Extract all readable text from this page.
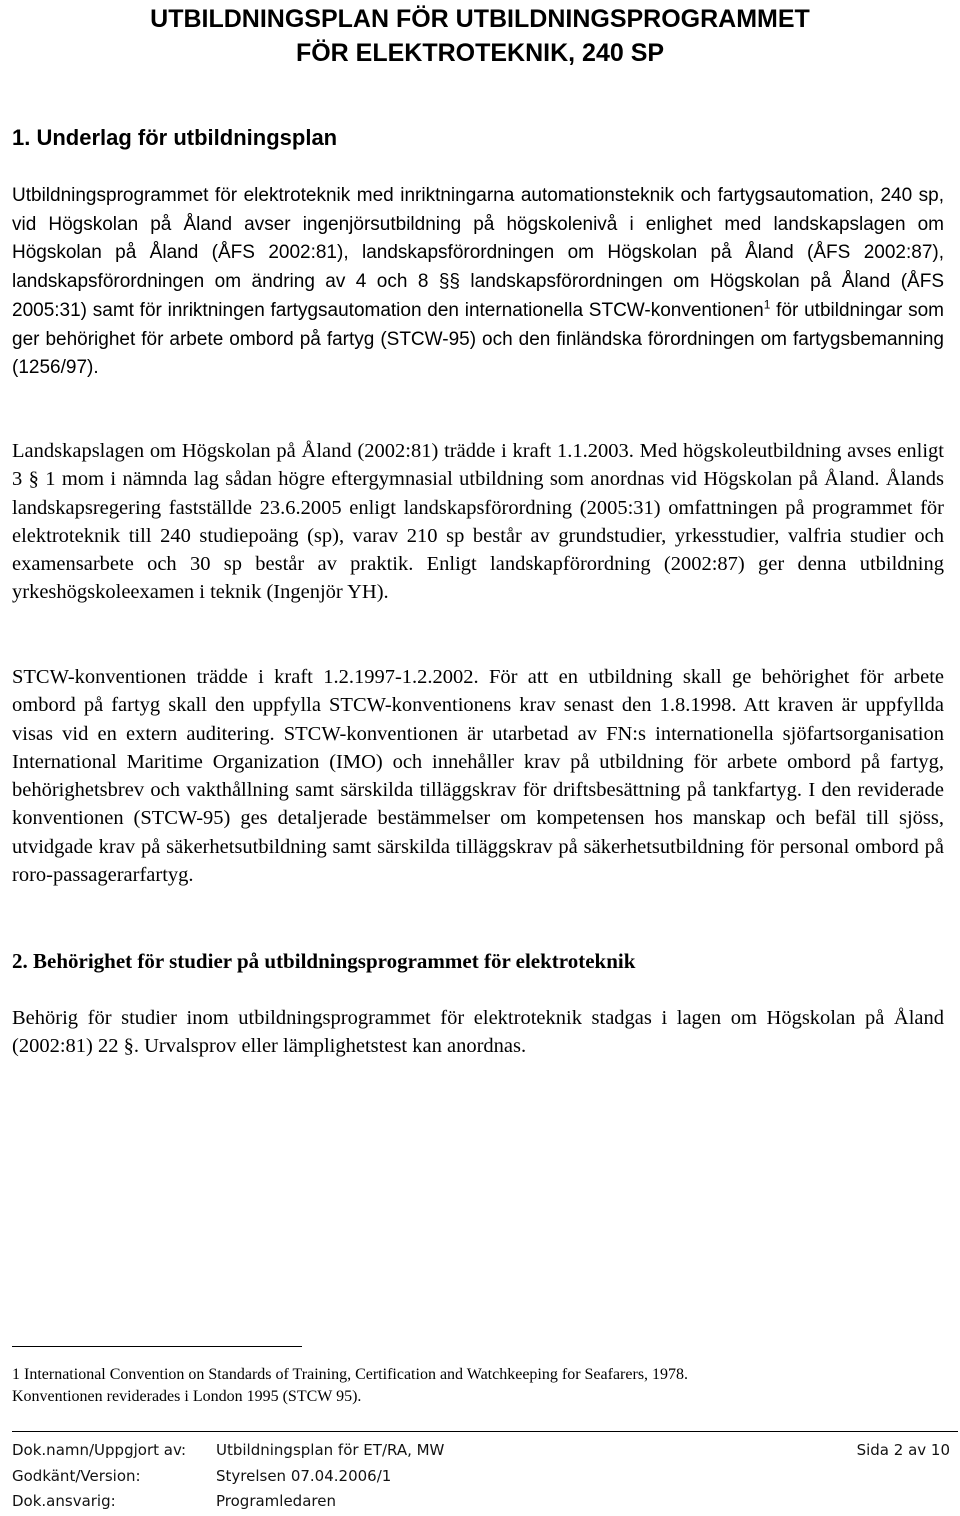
UTBILDNINGSPLAN FÖR UTBILDNINGSPROGRAMMET
FÖR ELEKTROTEKNIK, 240 SP
1. Underlag för utbildningsplan

Utbildningsprogrammet för elektroteknik med inriktningarna automationsteknik och fartygsautomation, 240 sp, vid Högskolan på Åland avser ingenjörsutbildning på högskolenivå i enlighet med landskapslagen om Högskolan på Åland (ÅFS 2002:81), landskapsförordningen om Högskolan på Åland (ÅFS 2002:87), landskapsförordningen om ändring av 4 och 8 §§ landskapsförordningen om Högskolan på Åland (ÅFS 2005:31) samt för inriktningen fartygsautomation den internationella STCW-konventionen$^1$ för utbildningar som ger behörighet för arbete ombord på fartyg (STCW-95) och den finländska förordningen om fartygsbemanning (1256/97).

Landskapslagen om Högskolan på Åland (2002:81) trädde i kraft 1.1.2003. Med högskoleutbildning avses enligt 3 § 1 mom i nämnda lag sådan högre eftergymnasial utbildning som anordnas vid Högskolan på Åland. Ålands landskapsregering fastställde 23.6.2005 enligt landskapsförordning (2005:31) omfattningen på programmet för elektroteknik till 240 studiepoäng (sp), varav 210 sp består av grundstudier, yrkesstudier, valfria studier och examensarbete och 30 sp består av praktik. Enligt landskapförordning (2002:87) ger denna utbildning yrkeshögskoleexamen i teknik (Ingenjör YH).

STCW-konventionen trädde i kraft 1.2.1997-1.2.2002. För att en utbildning skall ge behörighet för arbete ombord på fartyg skall den uppfylla STCW-konventionens krav senast den 1.8.1998. Att kraven är uppfyllda visas vid en extern auditering. STCW-konventionen är utarbetad av FN:s internationella sjöfartsorganisation International Maritime Organization (IMO) och innehåller krav på utbildning för arbete ombord på fartyg, behörighetsbrev och vakthållning samt särskilda tilläggskrav för driftsbesättning på tankfartyg. I den reviderade konventionen (STCW-95) ges detaljerade bestämmelser om kompetensen hos manskap och befäl till sjöss, utvidgade krav på säkerhetsutbildning samt särskilda tilläggskrav på säkerhetsutbildning för personal ombord på roro-passagerarfartyg.

2. Behörighet för studier på utbildningsprogrammet för elektroteknik

Behörig för studier inom utbildningsprogrammet för elektroteknik stadgas i lagen om Högskolan på Åland (2002:81) 22 §. Urvalsprov eller lämplighetstest kan anordnas.

1 International Convention on Standards of Training, Certification and Watchkeeping for Seafarers, 1978.
Konventionen reviderades i London 1995 (STCW 95).
Dok.namn/Uppgjort av: Utbildningsplan för ET/RA, MW	Sida 2 av 10
Godkänt/Version:	Styrelsen 07.04.2006/1
Dok.ansvarig:	Programledaren
